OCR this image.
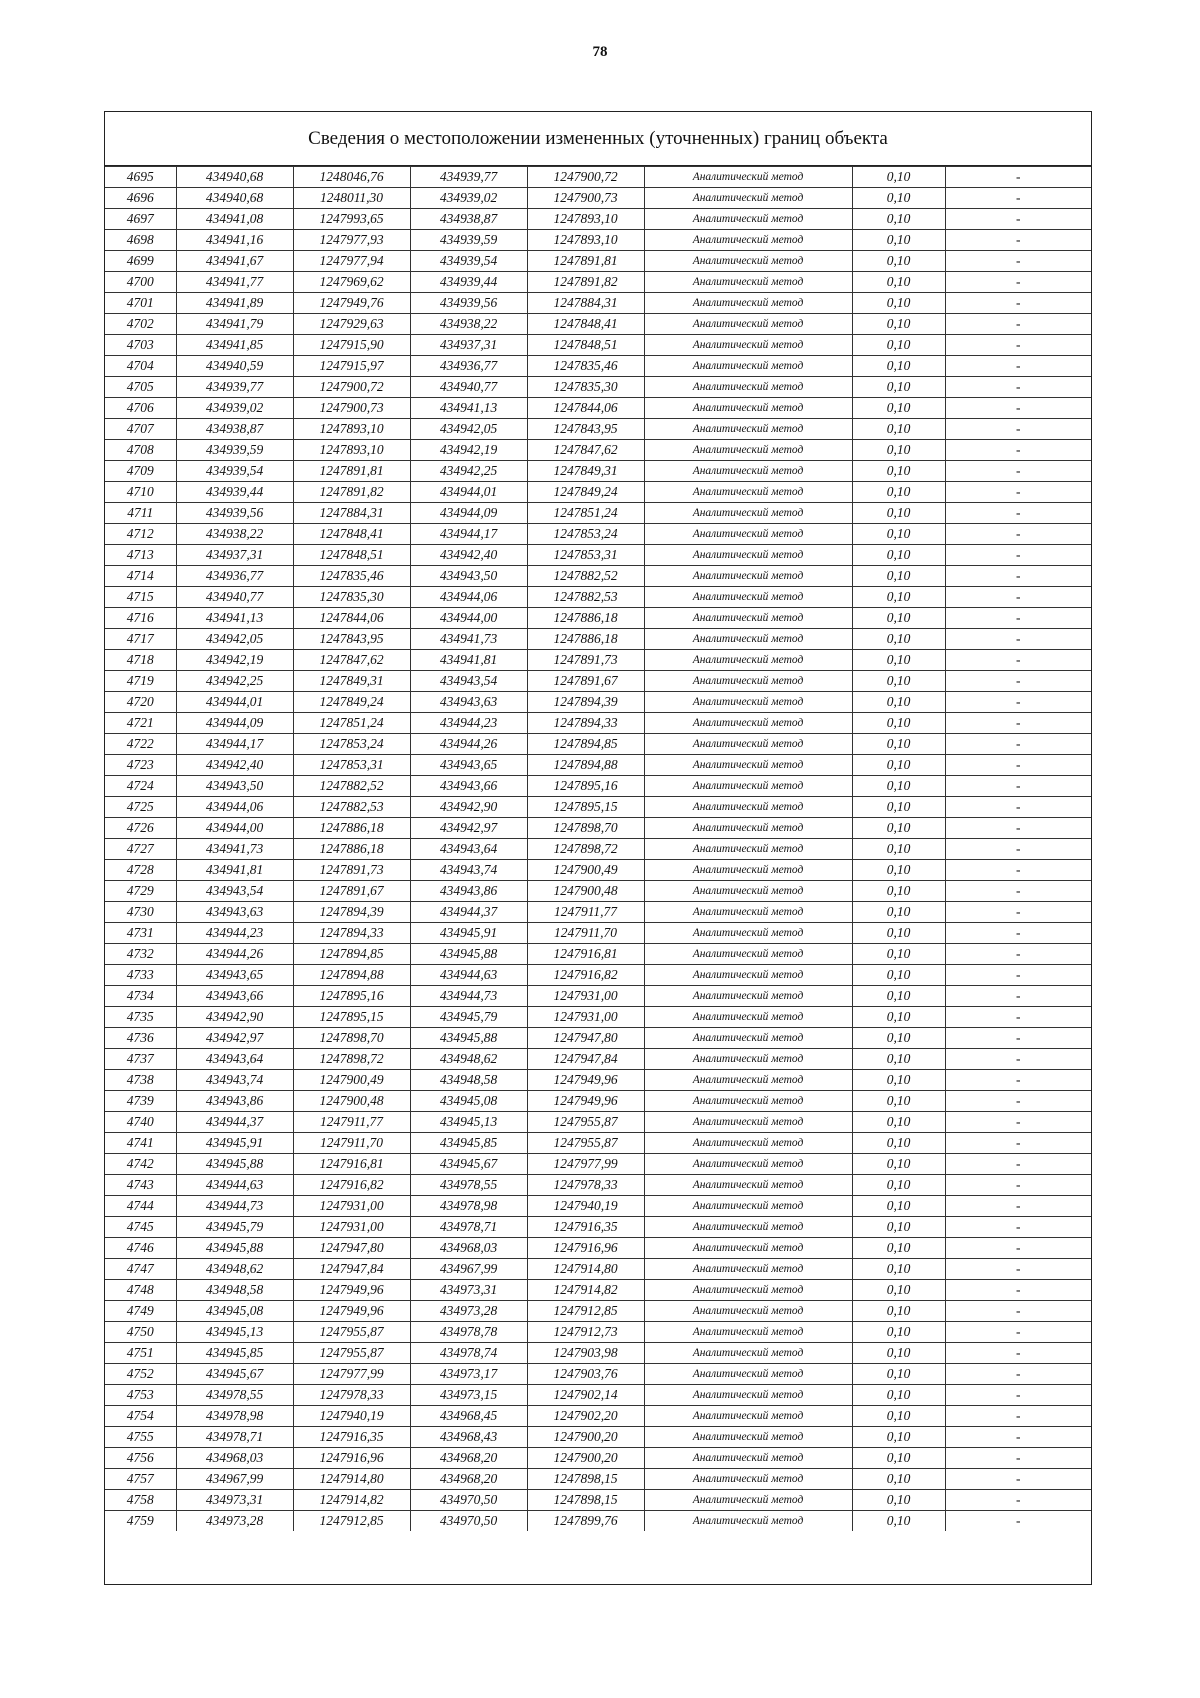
78
Сведения о местоположении измененных (уточненных) границ объекта
4695	434940,68	1248046,76	434939,77	1247900,72	Аналитический метод	0,10	-
4696	434940,68	1248011,30	434939,02	1247900,73	Аналитический метод	0,10	-
4697	434941,08	1247993,65	434938,87	1247893,10	Аналитический метод	0,10	-
4698	434941,16	1247977,93	434939,59	1247893,10	Аналитический метод	0,10	-
4699	434941,67	1247977,94	434939,54	1247891,81	Аналитический метод	0,10	-
4700	434941,77	1247969,62	434939,44	1247891,82	Аналитический метод	0,10	-
4701	434941,89	1247949,76	434939,56	1247884,31	Аналитический метод	0,10	-
4702	434941,79	1247929,63	434938,22	1247848,41	Аналитический метод	0,10	-
4703	434941,85	1247915,90	434937,31	1247848,51	Аналитический метод	0,10	-
4704	434940,59	1247915,97	434936,77	1247835,46	Аналитический метод	0,10	-
4705	434939,77	1247900,72	434940,77	1247835,30	Аналитический метод	0,10	-
4706	434939,02	1247900,73	434941,13	1247844,06	Аналитический метод	0,10	-
4707	434938,87	1247893,10	434942,05	1247843,95	Аналитический метод	0,10	-
4708	434939,59	1247893,10	434942,19	1247847,62	Аналитический метод	0,10	-
4709	434939,54	1247891,81	434942,25	1247849,31	Аналитический метод	0,10	-
4710	434939,44	1247891,82	434944,01	1247849,24	Аналитический метод	0,10	-
4711	434939,56	1247884,31	434944,09	1247851,24	Аналитический метод	0,10	-
4712	434938,22	1247848,41	434944,17	1247853,24	Аналитический метод	0,10	-
4713	434937,31	1247848,51	434942,40	1247853,31	Аналитический метод	0,10	-
4714	434936,77	1247835,46	434943,50	1247882,52	Аналитический метод	0,10	-
4715	434940,77	1247835,30	434944,06	1247882,53	Аналитический метод	0,10	-
4716	434941,13	1247844,06	434944,00	1247886,18	Аналитический метод	0,10	-
4717	434942,05	1247843,95	434941,73	1247886,18	Аналитический метод	0,10	-
4718	434942,19	1247847,62	434941,81	1247891,73	Аналитический метод	0,10	-
4719	434942,25	1247849,31	434943,54	1247891,67	Аналитический метод	0,10	-
4720	434944,01	1247849,24	434943,63	1247894,39	Аналитический метод	0,10	-
4721	434944,09	1247851,24	434944,23	1247894,33	Аналитический метод	0,10	-
4722	434944,17	1247853,24	434944,26	1247894,85	Аналитический метод	0,10	-
4723	434942,40	1247853,31	434943,65	1247894,88	Аналитический метод	0,10	-
4724	434943,50	1247882,52	434943,66	1247895,16	Аналитический метод	0,10	-
4725	434944,06	1247882,53	434942,90	1247895,15	Аналитический метод	0,10	-
4726	434944,00	1247886,18	434942,97	1247898,70	Аналитический метод	0,10	-
4727	434941,73	1247886,18	434943,64	1247898,72	Аналитический метод	0,10	-
4728	434941,81	1247891,73	434943,74	1247900,49	Аналитический метод	0,10	-
4729	434943,54	1247891,67	434943,86	1247900,48	Аналитический метод	0,10	-
4730	434943,63	1247894,39	434944,37	1247911,77	Аналитический метод	0,10	-
4731	434944,23	1247894,33	434945,91	1247911,70	Аналитический метод	0,10	-
4732	434944,26	1247894,85	434945,88	1247916,81	Аналитический метод	0,10	-
4733	434943,65	1247894,88	434944,63	1247916,82	Аналитический метод	0,10	-
4734	434943,66	1247895,16	434944,73	1247931,00	Аналитический метод	0,10	-
4735	434942,90	1247895,15	434945,79	1247931,00	Аналитический метод	0,10	-
4736	434942,97	1247898,70	434945,88	1247947,80	Аналитический метод	0,10	-
4737	434943,64	1247898,72	434948,62	1247947,84	Аналитический метод	0,10	-
4738	434943,74	1247900,49	434948,58	1247949,96	Аналитический метод	0,10	-
4739	434943,86	1247900,48	434945,08	1247949,96	Аналитический метод	0,10	-
4740	434944,37	1247911,77	434945,13	1247955,87	Аналитический метод	0,10	-
4741	434945,91	1247911,70	434945,85	1247955,87	Аналитический метод	0,10	-
4742	434945,88	1247916,81	434945,67	1247977,99	Аналитический метод	0,10	-
4743	434944,63	1247916,82	434978,55	1247978,33	Аналитический метод	0,10	-
4744	434944,73	1247931,00	434978,98	1247940,19	Аналитический метод	0,10	-
4745	434945,79	1247931,00	434978,71	1247916,35	Аналитический метод	0,10	-
4746	434945,88	1247947,80	434968,03	1247916,96	Аналитический метод	0,10	-
4747	434948,62	1247947,84	434967,99	1247914,80	Аналитический метод	0,10	-
4748	434948,58	1247949,96	434973,31	1247914,82	Аналитический метод	0,10	-
4749	434945,08	1247949,96	434973,28	1247912,85	Аналитический метод	0,10	-
4750	434945,13	1247955,87	434978,78	1247912,73	Аналитический метод	0,10	-
4751	434945,85	1247955,87	434978,74	1247903,98	Аналитический метод	0,10	-
4752	434945,67	1247977,99	434973,17	1247903,76	Аналитический метод	0,10	-
4753	434978,55	1247978,33	434973,15	1247902,14	Аналитический метод	0,10	-
4754	434978,98	1247940,19	434968,45	1247902,20	Аналитический метод	0,10	-
4755	434978,71	1247916,35	434968,43	1247900,20	Аналитический метод	0,10	-
4756	434968,03	1247916,96	434968,20	1247900,20	Аналитический метод	0,10	-
4757	434967,99	1247914,80	434968,20	1247898,15	Аналитический метод	0,10	-
4758	434973,31	1247914,82	434970,50	1247898,15	Аналитический метод	0,10	-
4759	434973,28	1247912,85	434970,50	1247899,76	Аналитический метод	0,10	-
